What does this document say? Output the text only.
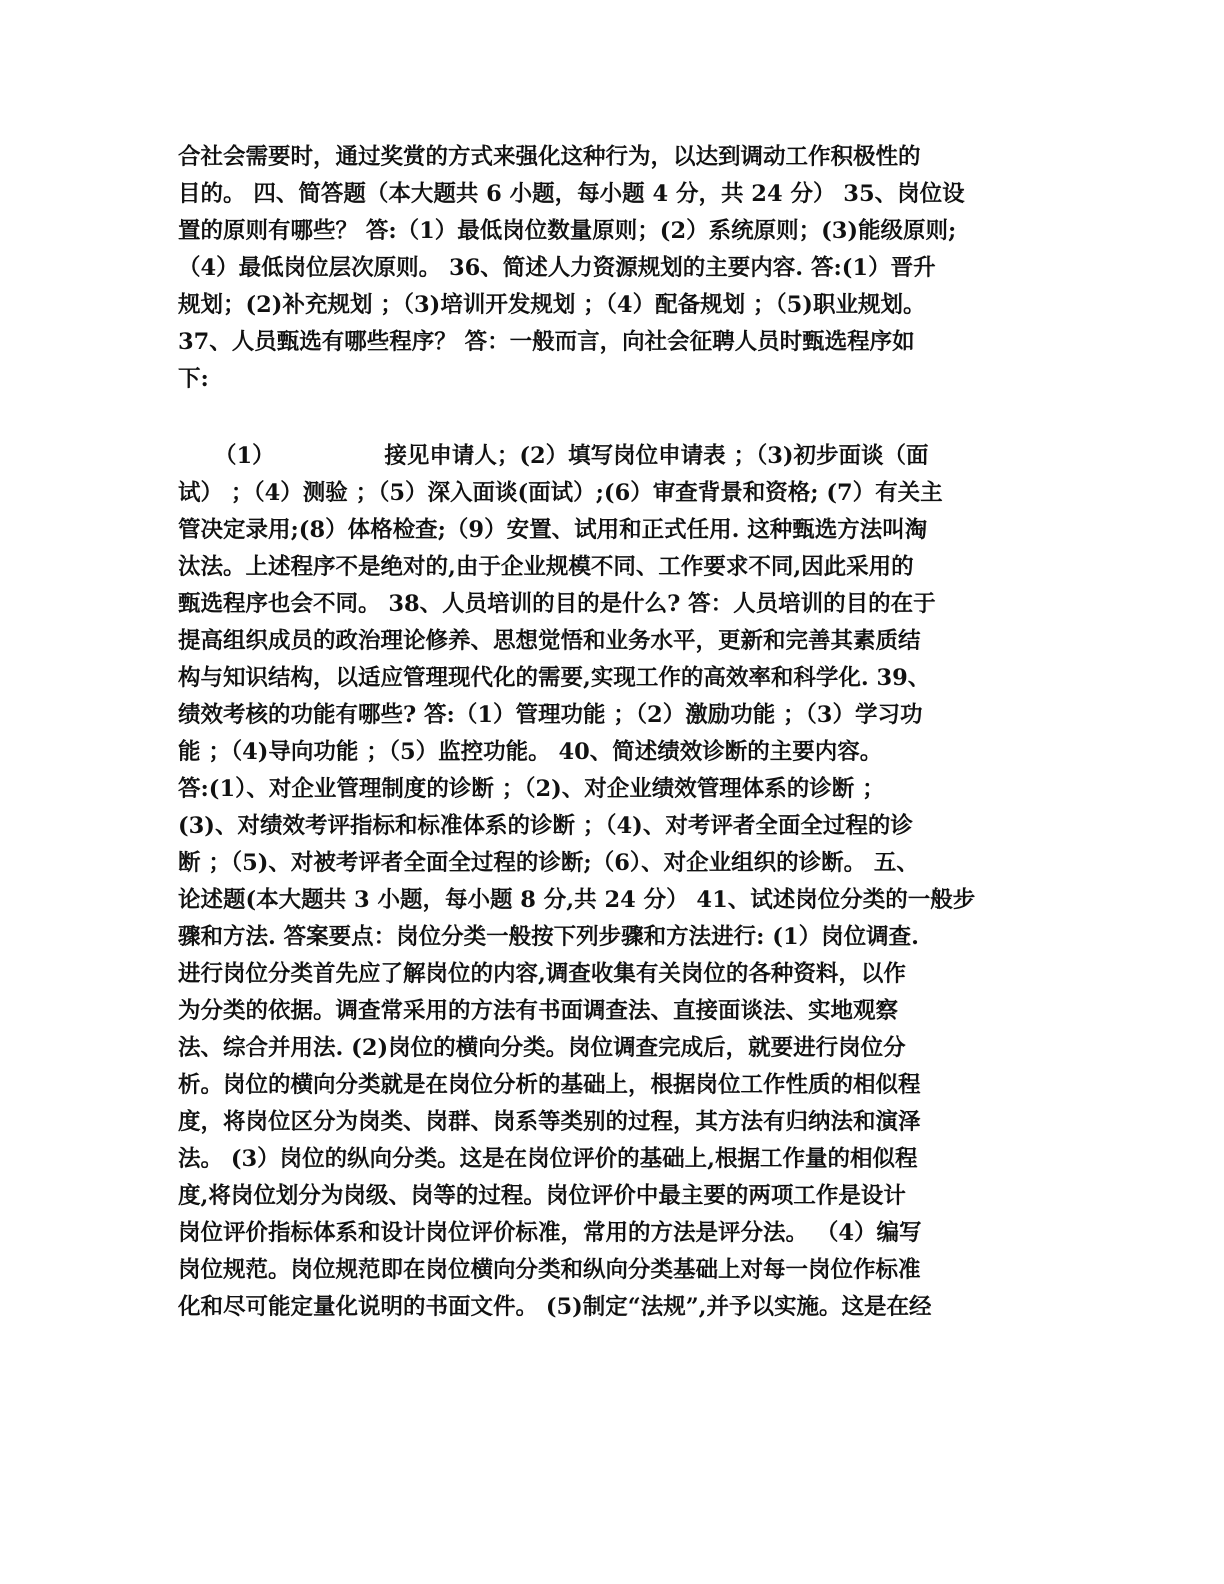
合社会需要时，通过奖赏的方式来强化这种行为，以达到调动工作积极性的
目的。 四、简答题（本大题共 6 小题，每小题 4 分，共 24 分） 35、岗位设
置的原则有哪些？ 答:（1）最低岗位数量原则；(2）系统原则；(3)能级原则;
（4）最低岗位层次原则。 36、简述人力资源规划的主要内容. 答:(1）晋升
规划；(2)补充规划 ；（3)培训开发规划 ；（4）配备规划 ；（5)职业规划。
37、人员甄选有哪些程序？ 答：一般而言，向社会征聘人员时甄选程序如
下:
（1）              接见申请人；(2）填写岗位申请表 ；（3)初步面谈（面
试） ；（4）测验 ；（5）深入面谈(面试）;(6）审查背景和资格; (7）有关主
管决定录用;(8）体格检查;（9）安置、试用和正式任用. 这种甄选方法叫淘
汰法。上述程序不是绝对的,由于企业规模不同、工作要求不同,因此采用的
甄选程序也会不同。 38、人员培训的目的是什么? 答：人员培训的目的在于
提高组织成员的政治理论修养、思想觉悟和业务水平，更新和完善其素质结
构与知识结构，以适应管理现代化的需要,实现工作的高效率和科学化. 39、
绩效考核的功能有哪些? 答:（1）管理功能 ；（2）激励功能 ；（3）学习功
能 ；（4)导向功能 ；（5）监控功能。 40、简述绩效诊断的主要内容。
答:(1）、对企业管理制度的诊断 ；（2)、对企业绩效管理体系的诊断 ；
(3)、对绩效考评指标和标准体系的诊断 ；（4)、对考评者全面全过程的诊
断 ；（5)、对被考评者全面全过程的诊断;（6）、对企业组织的诊断。 五、
论述题(本大题共 3 小题，每小题 8 分,共 24 分） 41、试述岗位分类的一般步
骤和方法. 答案要点：岗位分类一般按下列步骤和方法进行: (1）岗位调查.
进行岗位分类首先应了解岗位的内容,调查收集有关岗位的各种资料，以作
为分类的依据。调查常采用的方法有书面调查法、直接面谈法、实地观察
法、综合并用法. (2)岗位的横向分类。岗位调查完成后，就要进行岗位分
析。岗位的横向分类就是在岗位分析的基础上，根据岗位工作性质的相似程
度，将岗位区分为岗类、岗群、岗系等类别的过程，其方法有归纳法和演泽
法。 (3）岗位的纵向分类。这是在岗位评价的基础上,根据工作量的相似程
度,将岗位划分为岗级、岗等的过程。岗位评价中最主要的两项工作是设计
岗位评价指标体系和设计岗位评价标准，常用的方法是评分法。 （4）编写
岗位规范。岗位规范即在岗位横向分类和纵向分类基础上对每一岗位作标准
化和尽可能定量化说明的书面文件。 (5)制定“法规”,并予以实施。这是在经
